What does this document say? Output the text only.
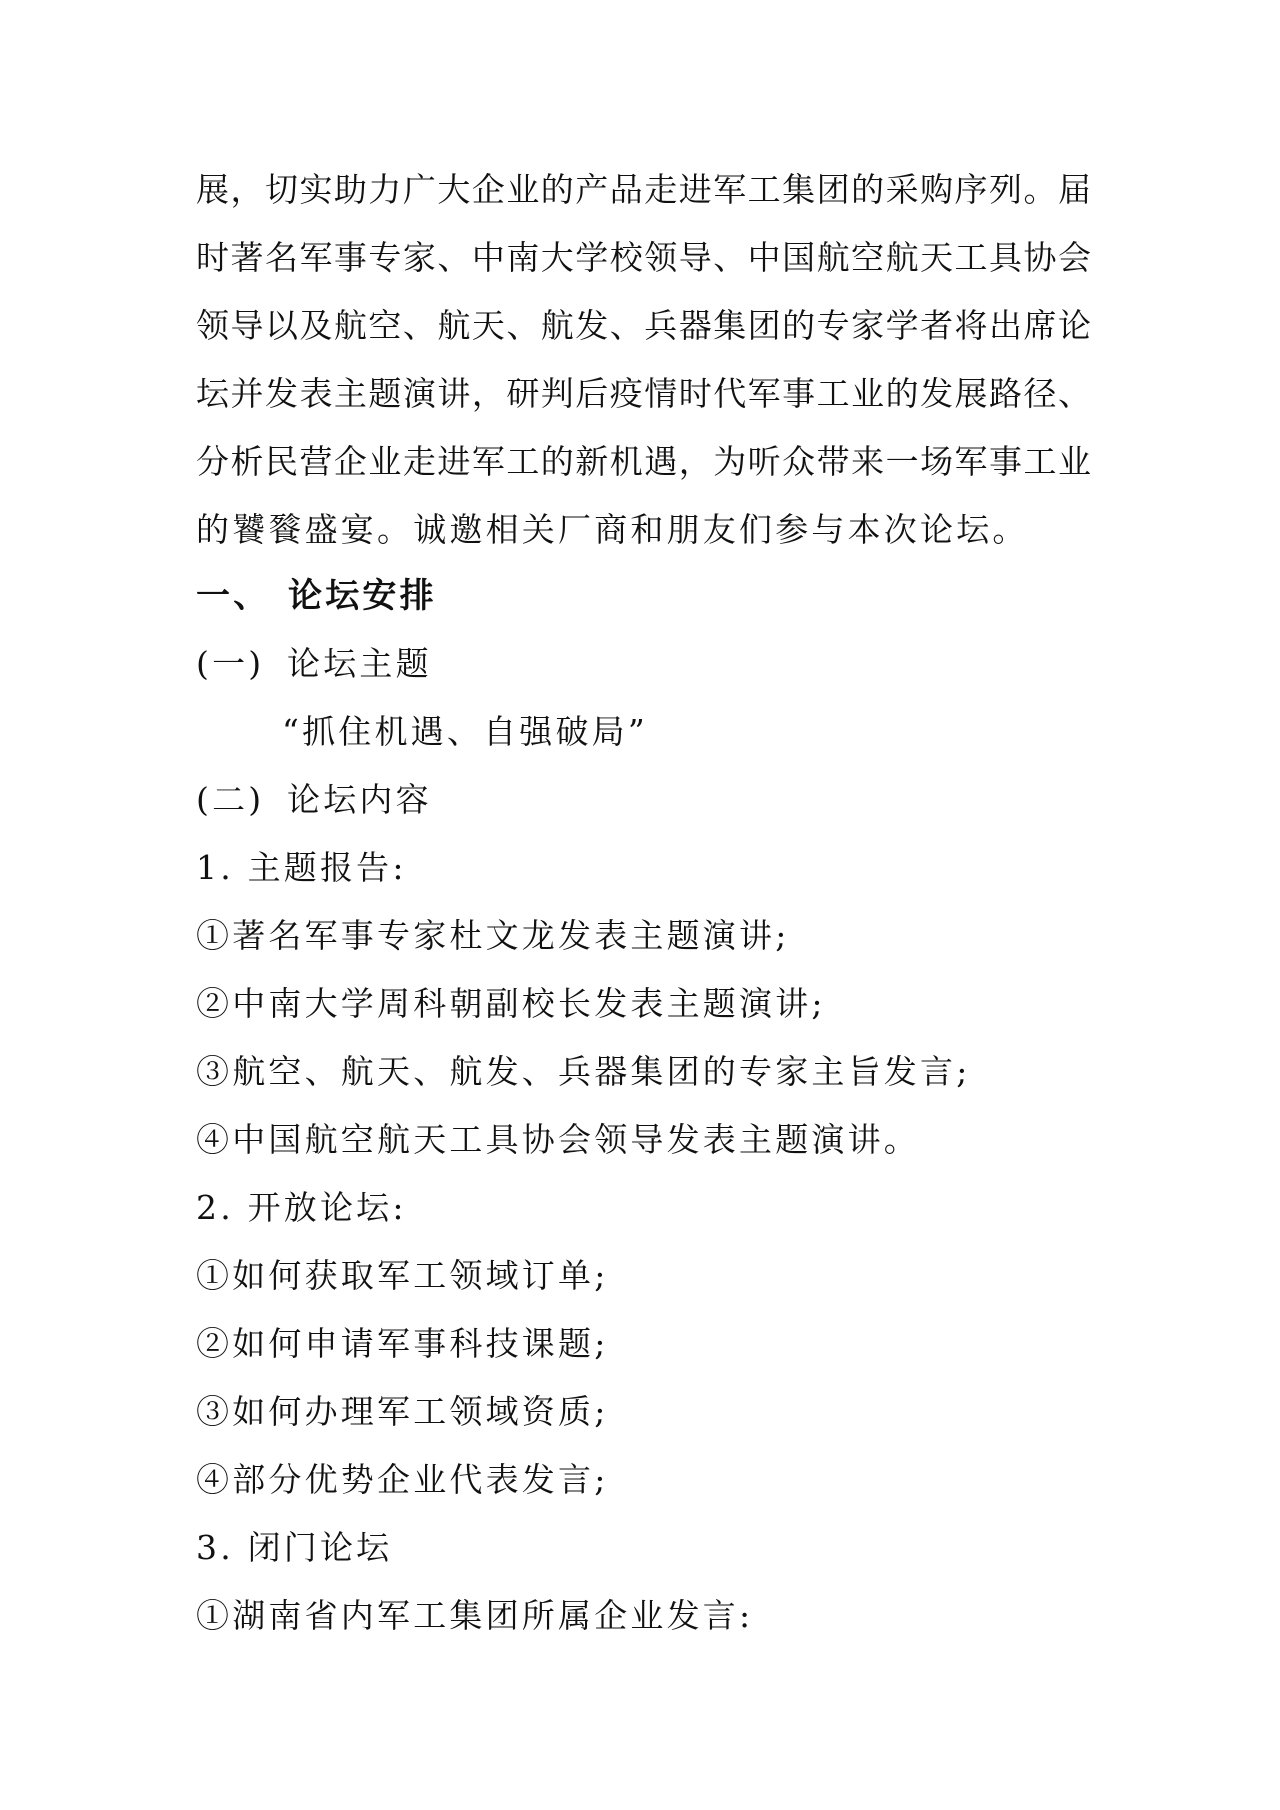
展，切实助力广大企业的产品走进军工集团的采购序列。届
时著名军事专家、中南大学校领导、中国航空航天工具协会
领导以及航空、航天、航发、兵器集团的专家学者将出席论
坛并发表主题演讲，研判后疫情时代军事工业的发展路径、
分析民营企业走进军工的新机遇，为听众带来一场军事工业
的饕餮盛宴。诚邀相关厂商和朋友们参与本次论坛。
一、 论坛安排
(一) 论坛主题
“抓住机遇、自强破局”
(二) 论坛内容
1. 主题报告:
①著名军事专家杜文龙发表主题演讲;
②中南大学周科朝副校长发表主题演讲;
③航空、航天、航发、兵器集团的专家主旨发言;
④中国航空航天工具协会领导发表主题演讲。
2. 开放论坛:
①如何获取军工领域订单;
②如何申请军事科技课题;
③如何办理军工领域资质;
④部分优势企业代表发言;
3. 闭门论坛
①湖南省内军工集团所属企业发言:
